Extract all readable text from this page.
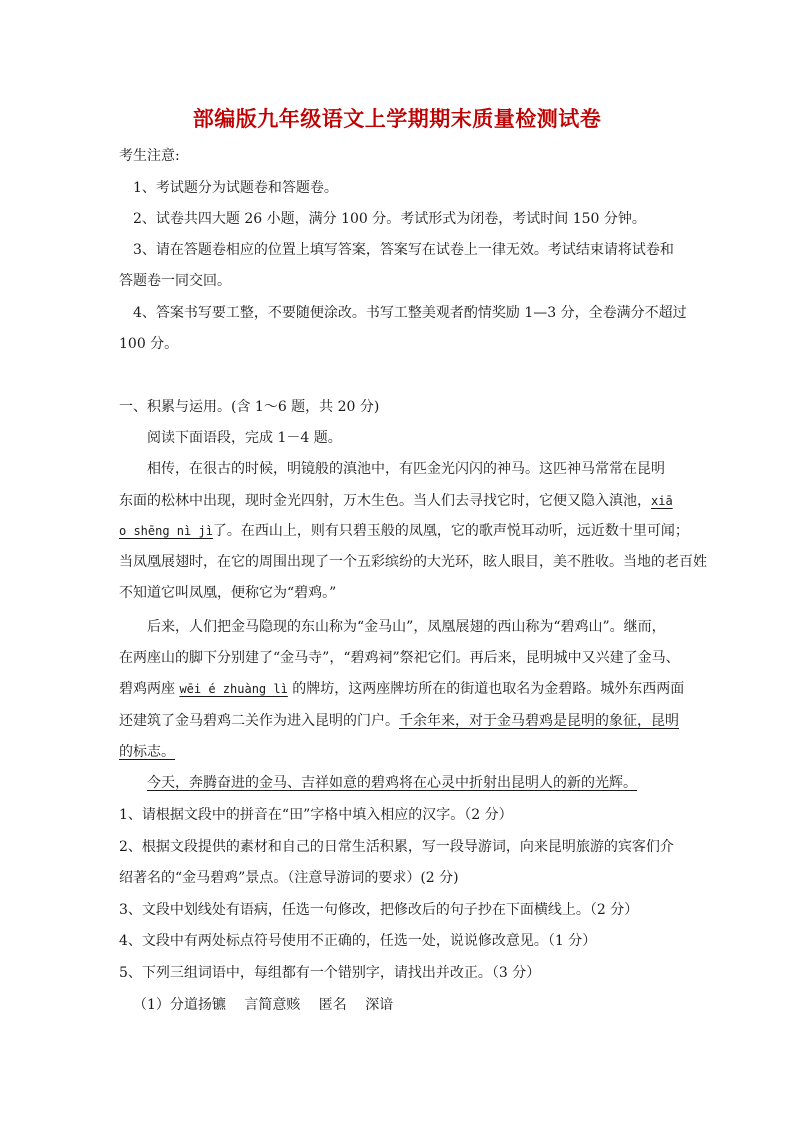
部编版九年级语文上学期期末质量检测试卷
考生注意:
1、考试题分为试题卷和答题卷。
2、试卷共四大题 26 小题，满分 100 分。考试形式为闭卷，考试时间 150 分钟。
3、请在答题卷相应的位置上填写答案，答案写在试卷上一律无效。考试结束请将试卷和
答题卷一同交回。
4、答案书写要工整，不要随便涂改。书写工整美观者酌情奖励 1—3 分，全卷满分不超过
100 分。
一、积累与运用。(含 1～6 题，共 20 分)
阅读下面语段，完成 1－4 题。
相传，在很古的时候，明镜般的滇池中，有匹金光闪闪的神马。这匹神马常常在昆明
东面的松林中出现，现时金光四射，万木生色。当人们去寻找它时，它便又隐入滇池，xiā
o shēng nì jì了。在西山上，则有只碧玉般的凤凰，它的歌声悦耳动听，远近数十里可闻；
当凤凰展翅时，在它的周围出现了一个五彩缤纷的大光环，眩人眼目，美不胜收。当地的老百姓
不知道它叫凤凰，便称它为“碧鸡。”
后来，人们把金马隐现的东山称为“金马山”，凤凰展翅的西山称为“碧鸡山”。继而，
在两座山的脚下分别建了“金马寺”，“碧鸡祠”祭祀它们。再后来，昆明城中又兴建了金马、
碧鸡两座 wēi é zhuàng lì 的牌坊，这两座牌坊所在的街道也取名为金碧路。城外东西两面
还建筑了金马碧鸡二关作为进入昆明的门户。千余年来，对于金马碧鸡是昆明的象征，昆明
的标志。
今天，奔腾奋进的金马、吉祥如意的碧鸡将在心灵中折射出昆明人的新的光辉。
1、请根据文段中的拼音在“田”字格中填入相应的汉字。（2 分）
2、根据文段提供的素材和自己的日常生活积累，写一段导游词，向来昆明旅游的宾客们介
绍著名的“金马碧鸡”景点。（注意导游词的要求）(2 分)
3、文段中划线处有语病，任选一句修改，把修改后的句子抄在下面横线上。（2 分）
4、文段中有两处标点符号使用不正确的，任选一处，说说修改意见。（1 分）
5、下列三组词语中，每组都有一个错别字，请找出并改正。（3 分）
（1）分道扬镳　 言简意赅　 匿名　 深谙
